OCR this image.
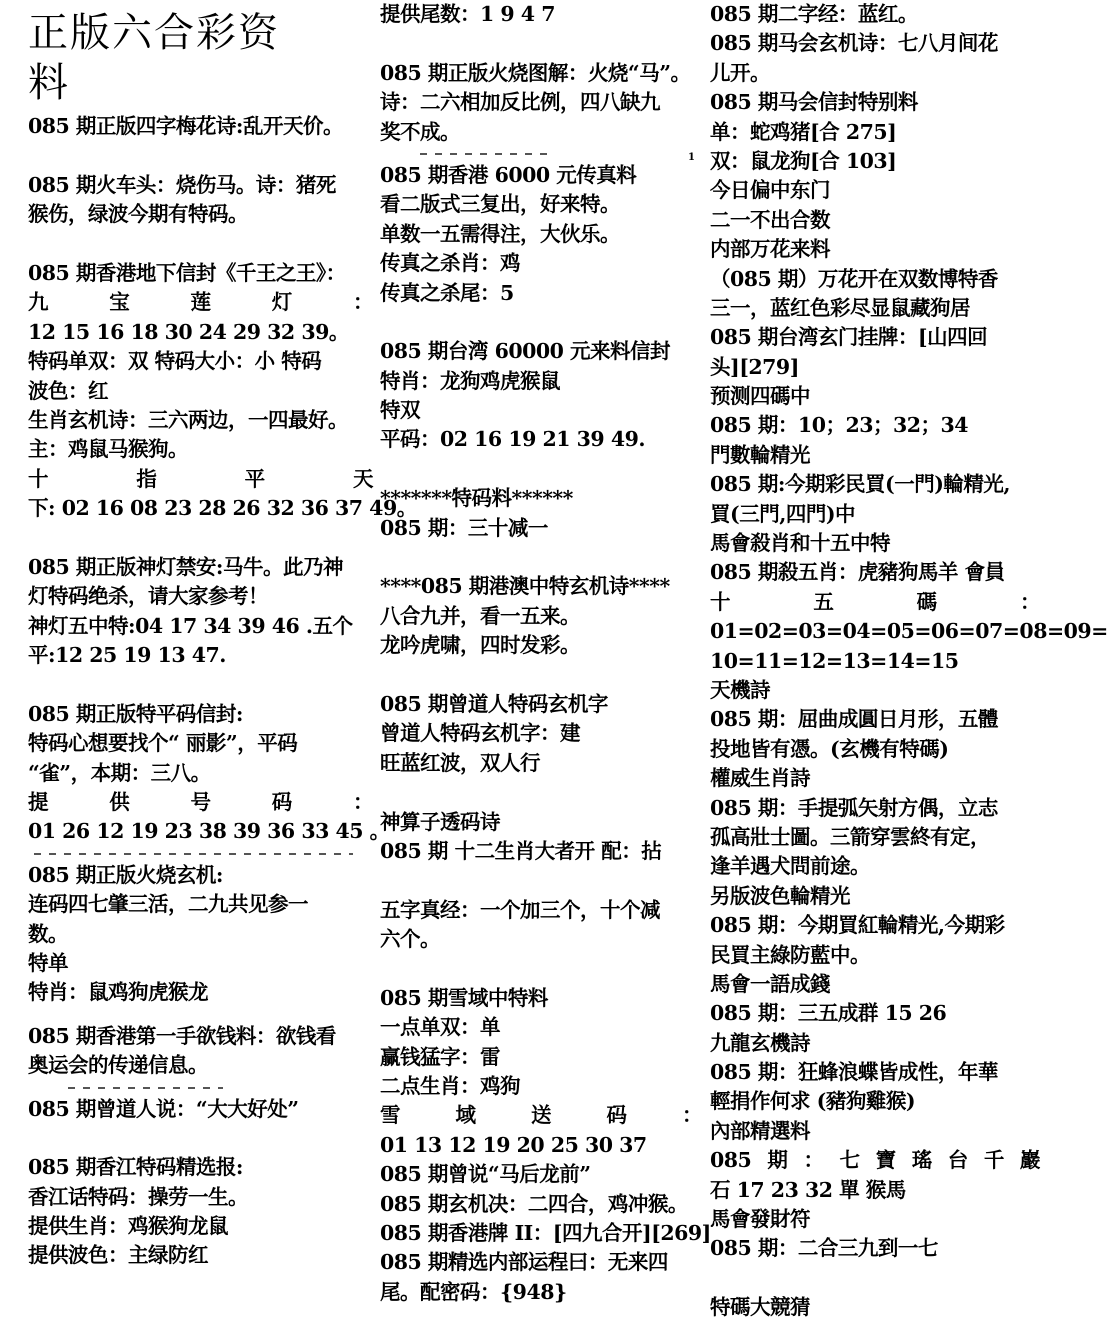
正版六合彩资
料
085 期正版四字梅花诗:乱开天价。
085 期火车头：烧伤马。诗：猪死
猴伤，绿波今期有特码。
085 期香港地下信封《千王之王》：
九	宝	莲	灯	：
12 15 16 18 30 24 29 32 39。
特码单双：双 特码大小：小 特码
波色：红
生肖玄机诗：三六两边，一四最好。
主：鸡鼠马猴狗。
十	指	平	天
下: 02 16 08 23 28 26 32 36 37 49。
085 期正版神灯禁安:马牛。此乃神
灯特码绝杀，请大家参考！
神灯五中特:04 17 34 39 46 .五个
平:12 25 19 13 47.
085 期正版特平码信封:
特码心想要找个“ 丽影”，平码
“雀”，本期：三八。
提	供	号	码	：
01 26 12 19 23 38 39 36 33 45 。
085 期正版火烧玄机:
连码四七肇三活，二九共见参一
数。
特单
特肖：鼠鸡狗虎猴龙
085 期香港第一手欲钱料：欲钱看
奥运会的传递信息。
085 期曾道人说：“大大好处”
085 期香江特码精选报:
香江话特码：操劳一生。
提供生肖：鸡猴狗龙鼠
提供波色：主绿防红
提供尾数：1 9 4 7
085 期正版火烧图解：火烧“马”。
诗：二六相加反比例，四八缺九
奖不成。
085 期香港 6000 元传真料
看二版式三复出，好来特。
单数一五需得注，大伙乐。
传真之杀肖：鸡
传真之杀尾：5
085 期台湾 60000 元来料信封
特肖：龙狗鸡虎猴鼠
特双
平码：02 16 19 21 39 49.
*******特码料******
085 期：三十减一
****085 期港澳中特玄机诗****
八合九并，看一五来。
龙吟虎啸，四时发彩。
085 期曾道人特码玄机字
曾道人特码玄机字：建
旺蓝红波，双人行
神算子透码诗
085 期 十二生肖大者开 配：拈
五字真经：一个加三个，十个减
六个。
085 期雪域中特料
一点单双：单
赢钱猛字：雷
二点生肖：鸡狗
雪	域	送	码	：
01 13 12 19 20 25 30 37
085 期曾说“马后龙前”
085 期玄机决：二四合，鸡冲猴。
085 期香港牌 II：[四九合开][269]
085 期精选内部运程曰：无来四
尾。配密码：{948}
1
085 期二字经：蓝红。
085 期马会玄机诗：七八月间花
儿开。
085 期马会信封特别料
单：蛇鸡猪[合 275]
双：鼠龙狗[合 103]
今日偏中东门
二一不出合数
内部万花来料
（085 期）万花开在双数博特香
三一，蓝红色彩尽显鼠藏狗居
085 期台湾玄门挂牌：[山四回
头][279]
预测四碼中
085 期：10；23；32；34
門數輪精光
085 期:今期彩民買(一門)輪精光,
買(三門,四門)中
馬會殺肖和十五中特
085 期殺五肖：虎豬狗馬羊 會員
十	五	碼	：
01=02=03=04=05=06=07=08=09=
10=11=12=13=14=15
天機詩
085 期：屈曲成圓日月形，五體
投地皆有憑。(玄機有特碼)
權威生肖詩
085 期：手提弧矢射方偶，立志
孤高壯士圖。三箭穿雲終有定，
逢羊遇犬問前途。
另版波色輪精光
085 期：今期買紅輪精光,今期彩
民買主綠防藍中。
馬會一語成錢
085 期：三五成群 15 26
九龍玄機詩
085 期：狂蜂浪蝶皆成性，年華
輕捐作何求 (豬狗雞猴)
內部精選料
085 期 ： 七 寶 瑤 台 千 巖
石 17 23 32 單 猴馬
馬會發財符
085 期：二合三九到一七
特碼大競猜
